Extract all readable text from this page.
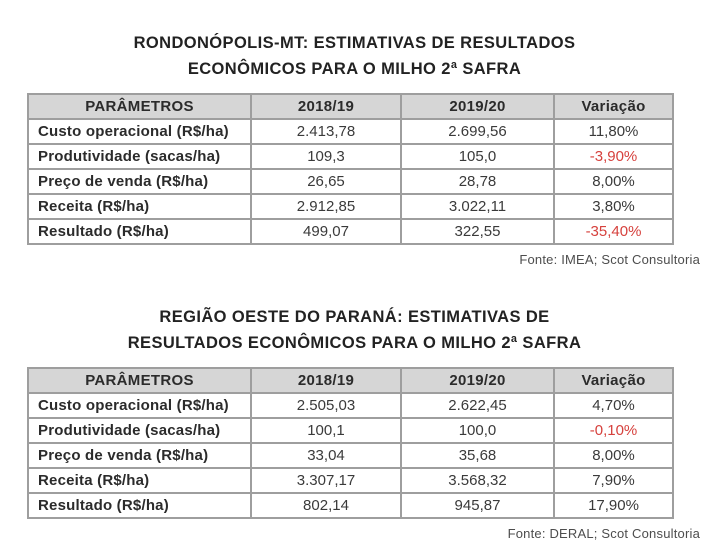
RONDONÓPOLIS-MT: ESTIMATIVAS DE RESULTADOS
ECONÔMICOS PARA O MILHO 2ª SAFRA
PARÂMETROS	2018/19	2019/20	Variação
Custo operacional (R$/ha)	2.413,78	2.699,56	11,80%
Produtividade (sacas/ha)	109,3	105,0	-3,90%
Preço de venda (R$/ha)	26,65	28,78	8,00%
Receita (R$/ha)	2.912,85	3.022,11	3,80%
Resultado (R$/ha)	499,07	322,55	-35,40%
Fonte: IMEA; Scot Consultoria
REGIÃO OESTE DO PARANÁ: ESTIMATIVAS DE
RESULTADOS ECONÔMICOS PARA O MILHO 2ª SAFRA
PARÂMETROS	2018/19	2019/20	Variação
Custo operacional (R$/ha)	2.505,03	2.622,45	4,70%
Produtividade (sacas/ha)	100,1	100,0	-0,10%
Preço de venda (R$/ha)	33,04	35,68	8,00%
Receita (R$/ha)	3.307,17	3.568,32	7,90%
Resultado (R$/ha)	802,14	945,87	17,90%
Fonte: DERAL; Scot Consultoria
